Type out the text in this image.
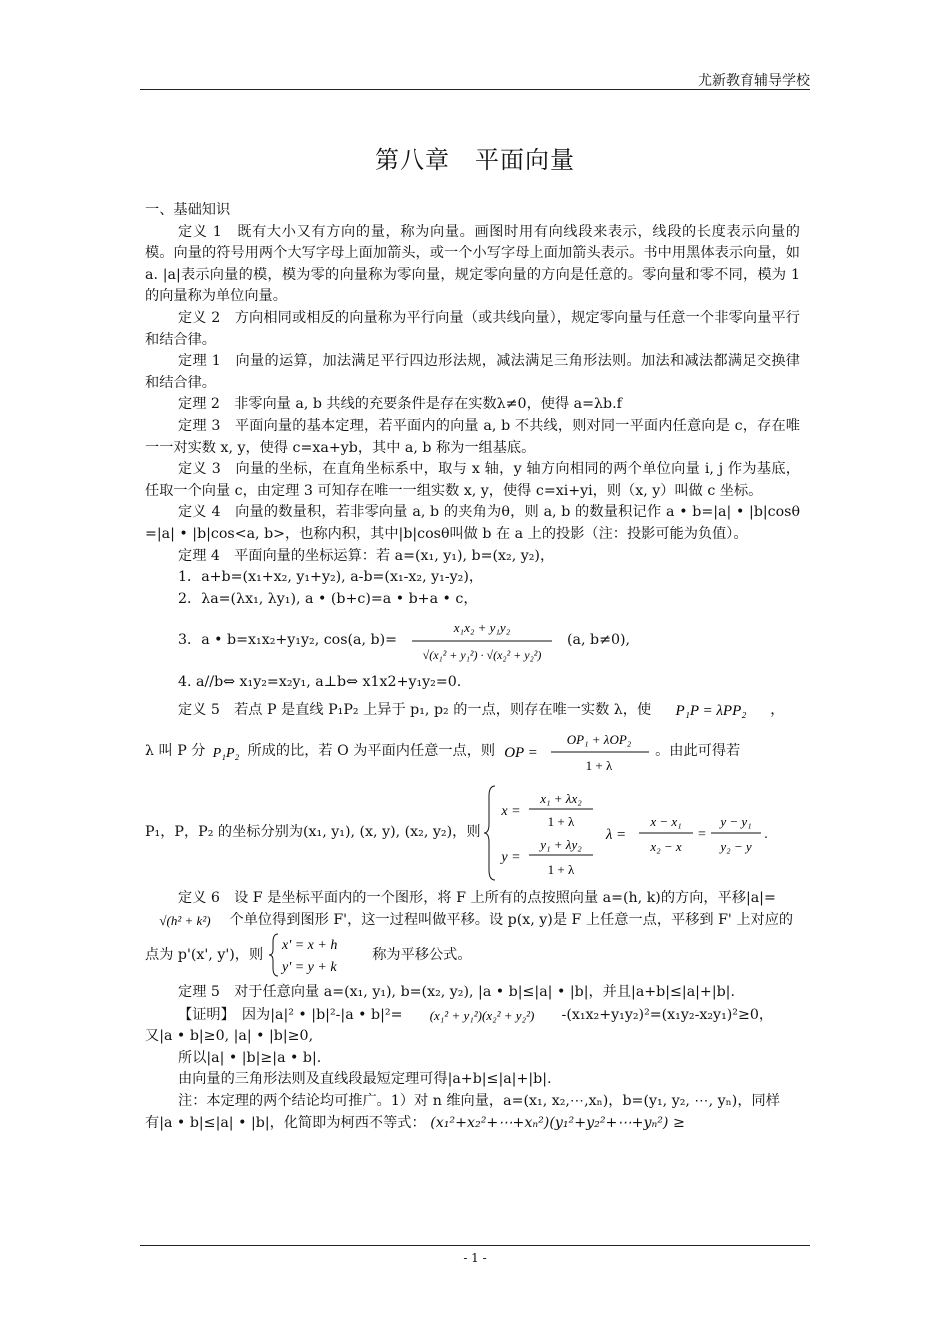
尤新教育辅导学校
第八章　平面向量

一、基础知识

定义 1　既有大小又有方向的量，称为向量。画图时用有向线段来表示，线段的长度表示向量的模。向量的符号用两个大写字母上面加箭头，或一个小写字母上面加箭头表示。书中用黑体表示向量，如 a. |a|表示向量的模，模为零的向量称为零向量，规定零向量的方向是任意的。零向量和零不同，模为 1 的向量称为单位向量。

定义 2　方向相同或相反的向量称为平行向量（或共线向量），规定零向量与任意一个非零向量平行和结合律。

定理 1　向量的运算，加法满足平行四边形法规，减法满足三角形法则。加法和减法都满足交换律和结合律。

定理 2　非零向量 a, b 共线的充要条件是存在实数λ≠0，使得 a=λb.f

定理 3　平面向量的基本定理，若平面内的向量 a, b 不共线，则对同一平面内任意向是 c，存在唯一一对实数 x, y，使得 c=xa+yb，其中 a, b 称为一组基底。

定义 3　向量的坐标，在直角坐标系中，取与 x 轴，y 轴方向相同的两个单位向量 i, j 作为基底，任取一个向量 c，由定理 3 可知存在唯一一组实数 x, y，使得 c=xi+yi，则（x, y）叫做 c 坐标。

定义 4　向量的数量积，若非零向量 a, b 的夹角为θ，则 a, b 的数量积记作 a • b=|a| • |b|cosθ =|a| • |b|cos<a, b>，也称内积，其中|b|cosθ叫做 b 在 a 上的投影（注：投影可能为负值）。

定理 4　平面向量的坐标运算：若 a=(x₁, y₁), b=(x₂, y₂)，

1．a+b=(x₁+x₂, y₁+y₂), a-b=(x₁-x₂, y₁-y₂)，

2．λa=(λx₁, λy₁), a • (b+c)=a • b+a • c，

3．a • b=x₁x₂+y₁y₂, cos(a, b)=
x₁x₂ + y₁y₂
√(x₁² + y₁²) · √(x₂² + y₂²)
(a, b≠0),

4. a//b⇔ x₁y₂=x₂y₁, a⊥b⇔ x1x2+y₁y₂=0.

定义 5　若点 P 是直线 P₁P₂ 上异于 p₁, p₂ 的一点，则存在唯一实数 λ，使 P₁P = λPP₂ ，
λ 叫 P 分 P₁P₂ 所成的比，若 O 为平面内任意一点，则 OP =
OP₁ + λOP₂
1 + λ
。由此可得若
P₁，P，P₂ 的坐标分别为(x₁, y₁), (x, y), (x₂, y₂)，则
x =
x₁ + λx₂
1 + λ
y =
y₁ + λy₂
1 + λ
λ =
x − x₁
x₂ − x
=
y − y₁
y₂ − y
.
定义 6　设 F 是坐标平面内的一个图形，将 F 上所有的点按照向量 a=(h, k)的方向，平移|a|=
√(h² + k²) 个单位得到图形 F'，这一过程叫做平移。设 p(x, y)是 F 上任意一点，平移到 F' 上对应的点为 p'(x', y')，则
x' = x + h
y' = y + k
称为平移公式。

定理 5　对于任意向量 a=(x₁, y₁), b=(x₂, y₂), |a • b|≤|a| • |b|，并且|a+b|≤|a|+|b|.

【证明】　因为|a|² • |b|²-|a • b|²= (x₁² + y₁²)(x₂² + y₂²) -(x₁x₂+y₁y₂)²=(x₁y₂-x₂y₁)²≥0，又|a • b|≥0, |a| • |b|≥0,

所以|a| • |b|≥|a • b|.

由向量的三角形法则及直线段最短定理可得|a+b|≤|a|+|b|.

注：本定理的两个结论均可推广。1）对 n 维向量，a=(x₁, x₂,⋯,xₙ)，b=(y₁, y₂, ⋯, yₙ)，同样有|a • b|≤|a| • |b|，化简即为柯西不等式： (x₁²+x₂²+⋯+xₙ²)(y₁²+y₂²+⋯+yₙ²) ≥
- 1 -
